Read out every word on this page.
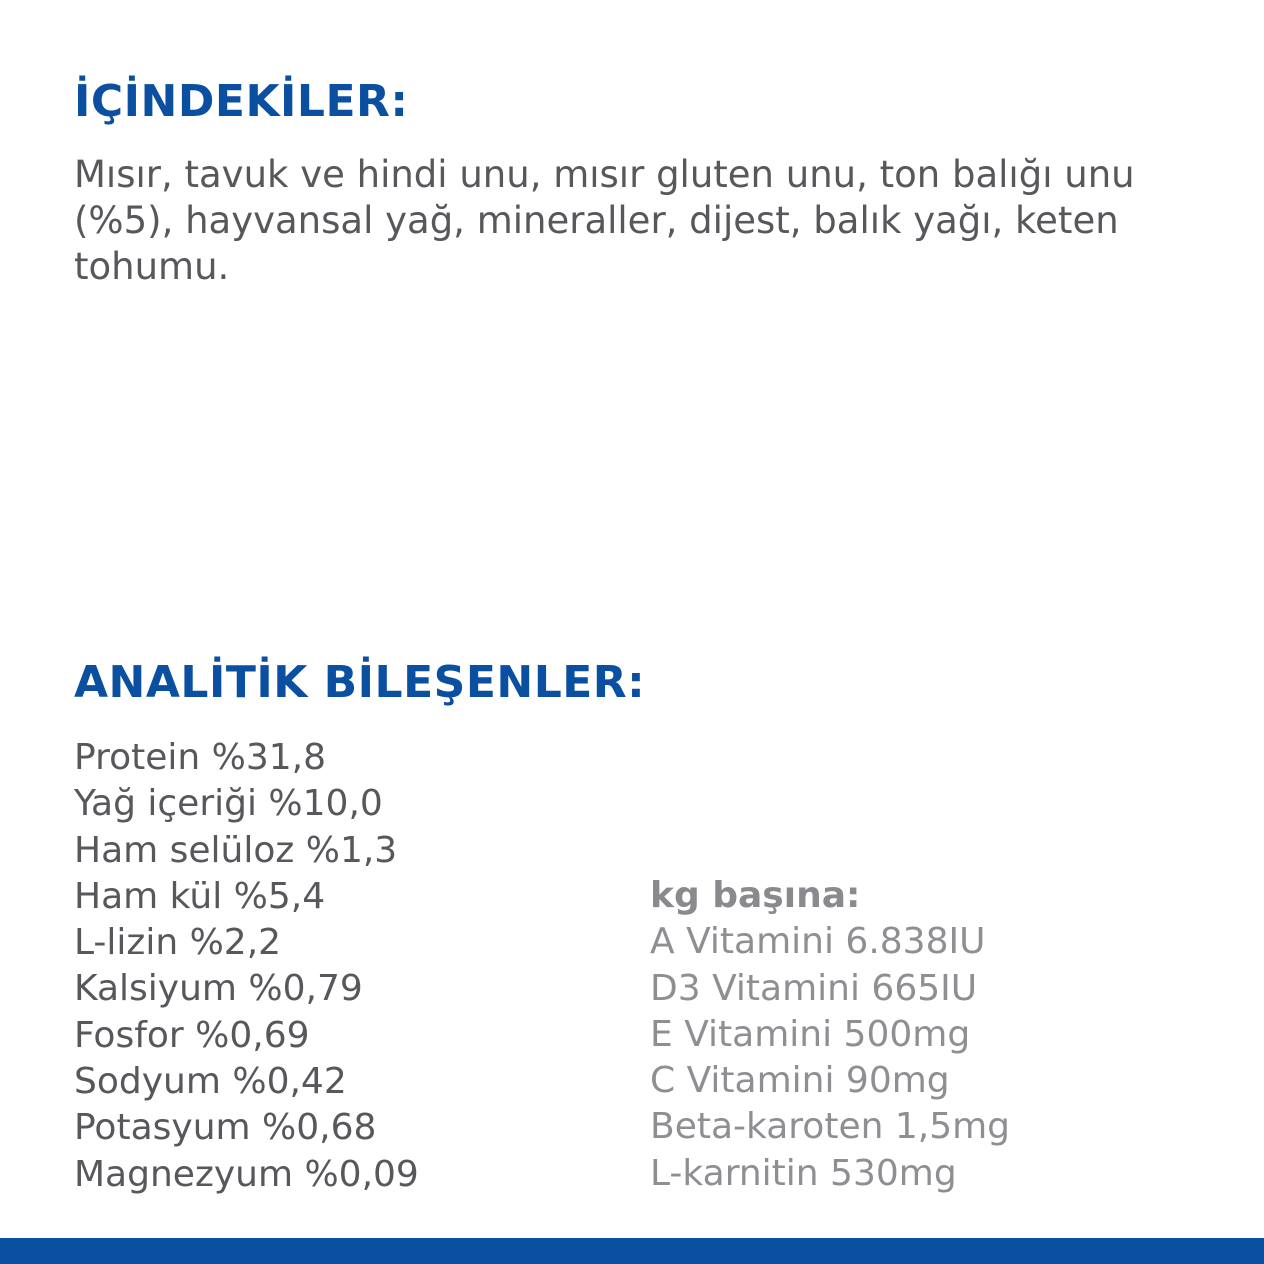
İÇİNDEKİLER:

Mısır, tavuk ve hindi unu, mısır gluten unu, ton balığı unu (%5), hayvansal yağ, mineraller, dijest, balık yağı, keten tohumu.

ANALİTİK BİLEŞENLER:
Protein %31,8
Yağ içeriği %10,0
Ham selüloz %1,3
Ham kül %5,4
L-lizin %2,2
Kalsiyum %0,79
Fosfor %0,69
Sodyum %0,42
Potasyum %0,68
Magnezyum %0,09
kg başına:
A Vitamini 6.838IU
D3 Vitamini 665IU
E Vitamini 500mg
C Vitamini 90mg
Beta-karoten 1,5mg
L-karnitin 530mg
